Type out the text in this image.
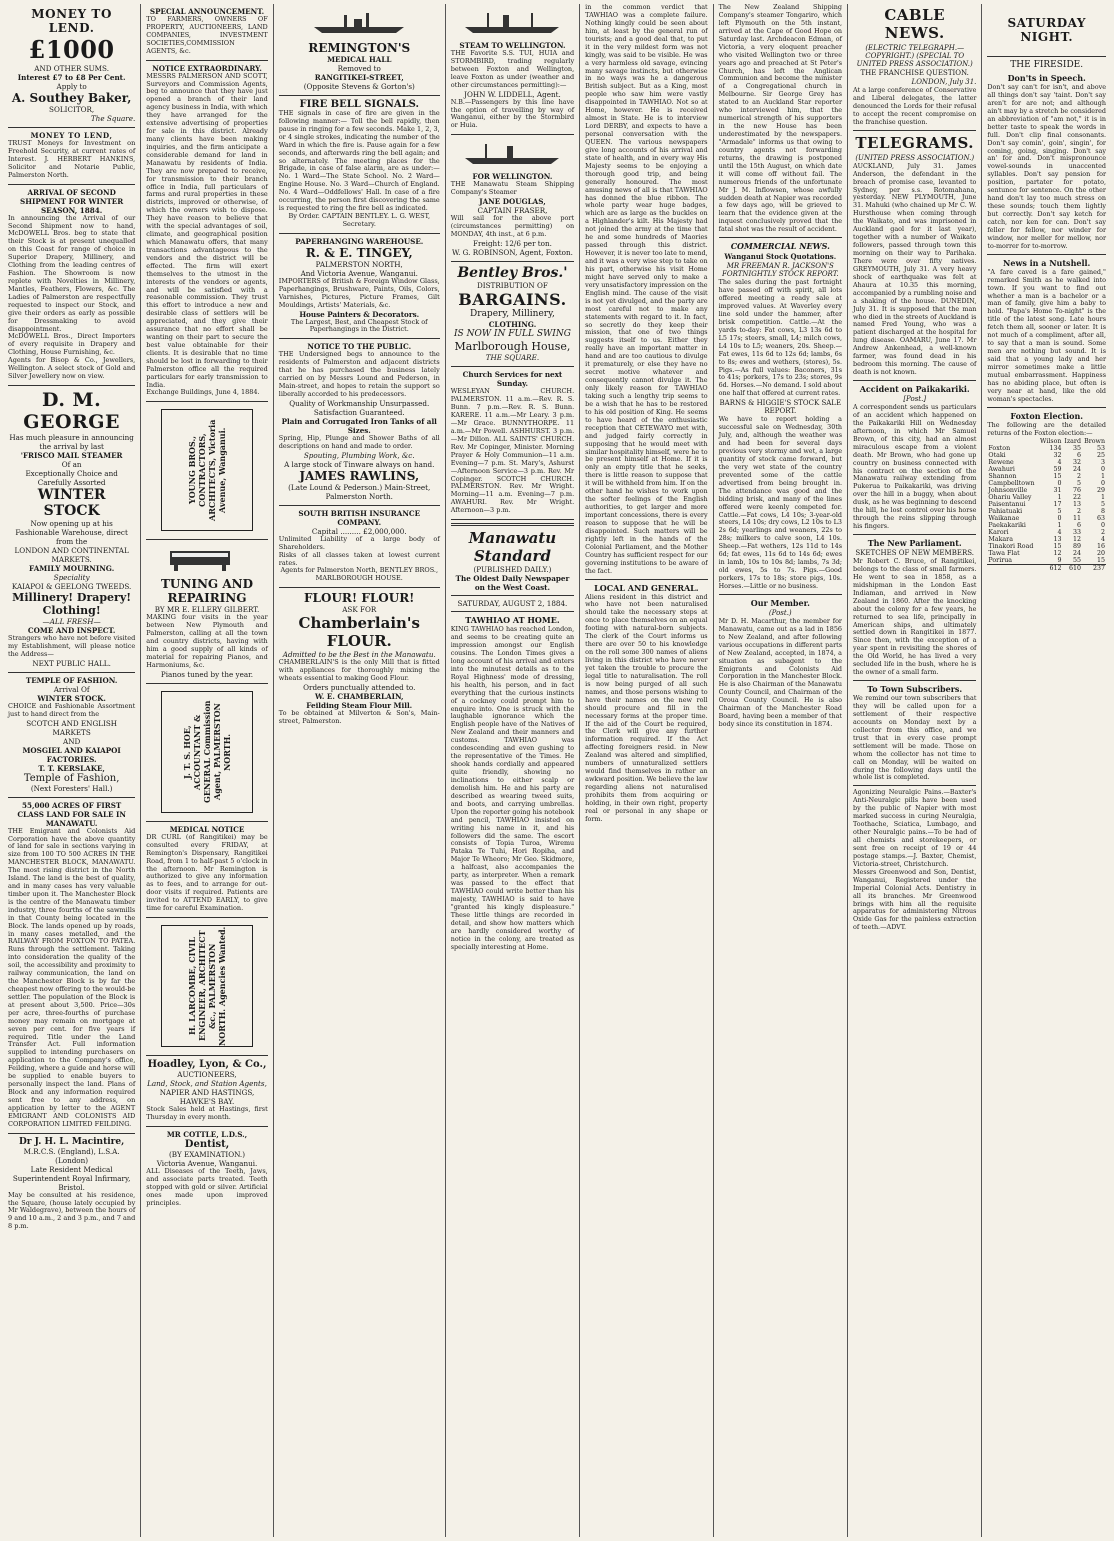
MONEY TO LEND.

£1000

AND OTHER SUMS.

Interest £7 to £8 Per Cent.

Apply to

A. Southey Baker,

SOLICITOR,

The Square.

MONEY TO LEND,

TRUST Moneys for Investment on Freehold Security, at current rates of Interest. J. HERBERT HANKINS, Solicitor and Notarie Public, Palmerston North.

ARRIVAL OF SECOND SHIPMENT FOR WINTER SEASON, 1884.

In announcing the Arrival of our Second Shipment now to hand, McDOWELL Bros. beg to state that their Stock is at present unequalled on this Coast for range of choice in Superior Drapery, Millinery, and Clothing from the leading centres of Fashion. The Showroom is now replete with Novelties in Millinery, Mantles, Feathers, Flowers, &c. The Ladies of Palmerston are respectfully requested to inspect our Stock, and give their orders as early as possible for Dressmaking to avoid disappointment.

McDOWELL Bros., Direct Importers of every requisite in Drapery and Clothing, House Furnishing, &c.

Agents for Bisop & Co., Jewellers, Wellington. A select stock of Gold and Silver Jewellery now on view.

D. M. GEORGE

Has much pleasure in announcing the arrival by last

'FRISCO MAIL STEAMER

Of an

Exceptionally Choice and Carefully Assorted

WINTER STOCK

Now opening up at his Fashionable Warehouse, direct from the

LONDON AND CONTINENTAL MARKETS.

FAMILY MOURNING.

Speciality

KAIAPOI & GEELONG TWEEDS.

Millinery! Drapery! Clothing!

—ALL FRESH—

COME AND INSPECT.

Strangers who have not before visited my Establishment, will please notice the Address—

NEXT PUBLIC HALL.

TEMPLE OF FASHION.

Arrival Of

WINTER STOCK.

CHOICE and Fashionable Assortment just to hand direct from the

SCOTCH AND ENGLISH MARKETS

AND

MOSGIEL AND KAIAPOI FACTORIES.

T. T. KERSLAKE,

Temple of Fashion,

(Next Foresters' Hall.)

55,000 ACRES OF FIRST CLASS LAND FOR SALE IN MANAWATU.

THE Emigrant and Colonists Aid Corporation have the above quantity of land for sale in sections varying in size from 100 TO 500 ACRES IN THE MANCHESTER BLOCK, MANAWATU. The most rising district in the North Island. The land is the best of quality, and in many cases has very valuable timber upon it. The Manchester Block is the centre of the Manawatu timber industry, three fourths of the sawmills in that County being located in the Block. The lands opened up by roads, in many cases metalled, and the RAILWAY FROM FOXTON TO PATEA. Runs through the settlement. Taking into consideration the quality of the soil, the accessibility and proximity to railway communication, the land on the Manchester Block is by far the cheapest now offering to the would-be settler. The population of the Block is at present about 3,500. Price—30s per acre, three-fourths of purchase money may remain on mortgage at seven per cent. for five years if required. Title under the Land Transfer Act. Full information supplied to intending purchasers on application to the Company's office, Feilding, where a guide and horse will be supplied to enable buyers to personally inspect the land. Plans of Block and any information required sent free to any address, on application by letter to the AGENT EMIGRANT AND COLONISTS AID CORPORATION LIMITED FEILDING.

Dr J. H. L. Macintire,

M.R.C.S. (England), L.S.A. (London)

Late Resident Medical Superintendent Royal Infirmary, Bristol.

May be consulted at his residence, the Square, (house lately occupied by Mr Waldegrave), between the hours of 9 and 10 a.m., 2 and 3 p.m., and 7 and 8 p.m.

SPECIAL ANNOUNCEMENT.

TO FARMERS, OWNERS OF PROPERTY, AUCTIONEERS, LAND COMPANIES, INVESTMENT SOCIETIES,COMMISSION AGENTS, &c.

NOTICE EXTRAORDINARY.

MESSRS PALMERSON AND SCOTT, Surveyors and Commission Agents, beg to announce that they have just opened a branch of their land agency business in India, with which they have arranged for the extensive advertising of properties for sale in this district. Already many clients have been making inquiries, and the firm anticipate a considerable demand for land in Manawatu by residents of India. They are now prepared to receive, for transmission to their branch office in India, full particulars of farms and rural properties in these districts, improved or otherwise, of which the owners wish to dispose. They have reason to believe that with the special advantages of soil, climate, and geographical position which Manawatu offers, that many transactions advantageous to the vendors and the district will be effected. The firm will exert themselves to the utmost in the interests of the vendors or agents, and will be satisfied with a reasonable commission. They trust this effort to introduce a new and desirable class of settlers will be appreciated, and they give their assurance that no effort shall be wanting on their part to secure the best value obtainable for their clients. It is desirable that no time should be lost in forwarding to their Palmerston office all the required particulars for early transmission to India.

Exchange Buildings, June 4, 1884.

YOUNG BROS., CONTRACTORS, ARCHITECTS, Victoria Avenue, Wanganui.

TUNING AND REPAIRING

BY MR E. ELLERY GILBERT.

MAKING four visits in the year between New Plymouth and Palmerston, calling at all the town and country districts, having with him a good supply of all kinds of material for repairing Pianos, and Harmoniums, &c.

Pianos tuned by the year.

J. T. S. HOE, ACCOUNTANT & GENERAL Commission Agent, PALMERSTON NORTH.

MEDICAL NOTICE

DR CURL (of Rangitikei) may be consulted every FRIDAY, at Remington's Dispensary, Rangitikei Road, from 1 to half-past 5 o'clock in the afternoon. Mr Remington is authorized to give any information as to fees, and to arrange for out-door visits if required. Patients are invited to ATTEND EARLY, to give time for careful Examination.

H. LARCOMBE, CIVIL ENGINEER, ARCHITECT &c., PALMERSTON NORTH. Agencies Wanted.

Hoadley, Lyon, & Co.,

AUCTIONEERS,

Land, Stock, and Station Agents,

NAPIER AND HASTINGS, HAWKE'S BAY.

Stock Sales held at Hastings, first Thursday in every month.

MR COTTLE, L.D.S.,

Dentist,

(BY EXAMINATION.)

Victoria Avenue, Wanganui.

ALL Diseases of the Teeth, Jaws, and associate parts treated. Teeth stopped with gold or silver. Artificial ones made upon improved principles.

REMINGTON'S

MEDICAL HALL

Removed to

RANGITIKEI-STREET,

(Opposite Stevens & Gorton's)

FIRE BELL SIGNALS.

THE signals in case of fire are given in the following manner:— Toll the bell rapidly, then pause in ringing for a few seconds. Make 1, 2, 3, or 4 single strokes, indicating the number of the Ward in which the fire is. Pause again for a few seconds, and afterwards ring the bell again; and so alternately. The meeting places for the Brigade, in case of false alarm, are as under:— No. 1 Ward—The State School. No. 2 Ward—Engine House. No. 3 Ward—Church of England. No. 4 Ward—Oddfellows' Hall. In case of a fire occurring, the person first discovering the same is requested to ring the fire bell as indicated.

By Order. CAPTAIN BENTLEY. L. G. WEST, Secretary.

PAPERHANGING WAREHOUSE.

R. & E. TINGEY,

PALMERSTON NORTH,

And Victoria Avenue, Wanganui.

IMPORTERS of British & Foreign Window Glass, Paperhangings, Brushware, Paints, Oils, Colors, Varnishes, Pictures, Picture Frames, Gilt Mouldings, Artists' Materials, &c.

House Painters & Decorators.

The Largest, Best, and Cheapest Stock of Paperhangings in the District.

NOTICE TO THE PUBLIC.

THE Undersigned begs to announce to the residents of Palmerston and adjacent districts that he has purchased the business lately carried on by Messrs Lound and Pederson, in Main-street, and hopes to retain the support so liberally accorded to his predecessors.

Quality of Workmanship Unsurpassed.

Satisfaction Guaranteed.

Plain and Corrugated Iron Tanks of all Sizes.

Spring, Hip, Plunge and Shower Baths of all descriptions on hand and made to order.

Spouting, Plumbing Work, &c.

A large stock of Tinware always on hand.

JAMES RAWLINS,

(Late Lound & Pederson.) Main-Street, Palmerston North.

SOUTH BRITISH INSURANCE COMPANY.

Capital ......... £2,000,000.

Unlimited Liability of a large body of Shareholders.

Risks of all classes taken at lowest current rates.

Agents for Palmerston North, BENTLEY BROS., MARLBOROUGH HOUSE.

FLOUR! FLOUR!

ASK FOR

Chamberlain's FLOUR.

Admitted to be the Best in the Manawatu.

CHAMBERLAIN'S is the only Mill that is fitted with appliances for thoroughly mixing the wheats essential to making Good Flour.

Orders punctually attended to.

W. E. CHAMBERLAIN,

Feilding Steam Flour Mill.

To be obtained at Milverton & Son's, Main-street, Palmerston.

STEAM TO WELLINGTON.

THE Favorite S.S. TUI, HUIA and STORMBIRD, trading regularly between Foxton and Wellington, leave Foxton as under (weather and other circumstances permitting):—

JOHN W. LIDDELL, Agent.

N.B.—Passengers by this line have the option of travelling by way of Wanganui, either by the Stormbird or Huia.

FOR WELLINGTON.

THE Manawatu Steam Shipping Company's Steamer

JANE DOUGLAS,

CAPTAIN FRASER,

Will sail for the above port (circumstances permitting) on MONDAY, 4th inst., at 6 p.m.

Freight: 12/6 per ton.

W. G. ROBINSON, Agent, Foxton.

Bentley Bros.'

DISTRIBUTION OF

BARGAINS.

Drapery, Millinery,

CLOTHING.

IS NOW IN FULL SWING

Marlborough House,

THE SQUARE.

Church Services for next Sunday.

WESLEYAN CHURCH. PALMERSTON. 11 a.m.—Rev. R. S. Bunn. 7 p.m.—Rev. R. S. Bunn. KARERE. 11 a.m.—Mr Leary. 3 p.m.—Mr Grace. BUNNYTHORPE. 11 a.m.—Mr Powell. ASHHURST. 3 p.m.—Mr Dillon. ALL SAINTS' CHURCH. Rev. Mr Copinger, Minister. Morning Prayer & Holy Communion—11 a.m. Evening—7 p.m. St. Mary's, Ashurst—Afternoon Service—3 p.m. Rev. Mr Copinger. SCOTCH CHURCH. PALMERSTON. Rev. Mr Wright. Morning—11 a.m. Evening—7 p.m. AWAHURI. Rev. Mr Wright. Afternoon—3 p.m.

Manawatu Standard

(PUBLISHED DAILY.)

The Oldest Daily Newspaper on the West Coast.

SATURDAY, AUGUST 2, 1884.

TAWHIAO AT HOME.

KING TAWHIAO has reached London, and seems to be creating quite an impression amongst our English cousins. The London Times gives a long account of his arrival and enters into the minutest details as to the Royal Highness' mode of dressing, his health, his person, and in fact everything that the curious instincts of a cockney could prompt him to enquire into. One is struck with the laughable ignorance which the English people have of the Natives of New Zealand and their manners and customs. TAWHIAO was condescending and even gushing to the representative of the Times. He shook hands cordially and appeared quite friendly, showing no inclinations to either scalp or demolish him. He and his party are described as wearing tweed suits, and boots, and carrying umbrellas. Upon the reporter going his notebook and pencil, TAWHIAO insisted on writing his name in it, and his followers did the same. The escort consists of Topia Turoa, Wiremu Pataka Te Tuhi, Hori Ropiha, and Major Te Wheoro; Mr Geo. Skidmore, a halfcast, also accompanies the party, as interpreter. When a remark was passed to the effect that TAWHIAO could write better than his majesty, TAWHIAO is said to have "granted his kingly displeasure." These little things are recorded in detail, and show how matters which are hardly considered worthy of notice in the colony, are treated as specially interesting at Home.

in the common verdict that TAWHIAO was a complete failure. Nothing kingly could be seen about him, at least by the general run of tourists; and a good deal that, to put it in the very mildest form was not kingly, was said to be visible. He was a very harmless old savage, evincing many savage instincts, but otherwise in no ways was he a dangerous British subject. But as a King, most people who saw him were vastly disappointed in TAWHIAO. Not so at Home, however. He is received almost in State. He is to interview Lord DERBY, and expects to have a personal conversation with the QUEEN. The various newspapers give long accounts of his arrival and state of health, and in every way His Majesty seems to be enjoying a thorough good trip, and being generally honoured. The most amusing news of all is that TAWHIAO has donned the blue ribbon. The whole party wear huge badges, which are as large as the buckles on a Highlander's kilt. His Majesty had not joined the army at the time that he and some hundreds of Maories passed through this district. However, it is never too late to mend, and it was a very wise step to take on his part, otherwise his visit Home might have served only to make a very unsatisfactory impression on the English mind. The cause of the visit is not yet divulged, and the party are most careful not to make any statements with regard to it. In fact, so secretly do they keep their mission, that one of two things suggests itself to us. Either they really have an important matter in hand and are too cautious to divulge it prematurely, or else they have no secret motive whatever and consequently cannot divulge it. The only likely reason for TAWHIAO taking such a lengthy trip seems to be a wish that he has to be restored to his old position of King. He seems to have heard of the enthusiastic reception that CETEWAYO met with, and judged fairly correctly in supposing that he would meet with similar hospitality himself, were he to be present himself at Home. If it is only an empty title that he seeks, there is little reason to suppose that it will be withheld from him. If on the other hand he wishes to work upon the softer feelings of the English authorities, to get larger and more important concessions, there is every reason to suppose that he will be disappointed. Such matters will be rightly left in the hands of the Colonial Parliament, and the Mother Country has sufficient respect for our governing institutions to be aware of the fact.

LOCAL AND GENERAL.

Aliens resident in this district and who have not been naturalised should take the necessary steps at once to place themselves on an equal footing with natural-born subjects. The clerk of the Court informs us there are over 50 to his knowledge on the roll some 300 names of aliens living in this district who have never yet taken the trouble to procure the legal title to naturalisation. The roll is now being purged of all such names, and those persons wishing to have their names on the new roll should procure and fill in the necessary forms at the proper time. If the aid of the Court be required, the Clerk will give any further information required. If the Act affecting foreigners resid. in New Zealand was altered and simplified, numbers of unnaturalized settlers would find themselves in rather an awkward position. We believe the law regarding aliens not naturalised prohibits them from acquiring or holding, in their own right, property real or personal in any shape or form.

The New Zealand Shipping Company's steamer Tongariro, which left Plymouth on the 5th instant, arrived at the Cape of Good Hope on Saturday last. Archdeacon Edman, of Victoria, a very eloquent preacher who visited Wellington two or three years ago and preached at St Peter's Church, has left the Anglican Communion and become the minister of a Congregational church in Melbourne. Sir George Grey has stated to an Auckland Star reporter who interviewed him, that the numerical strength of his supporters in the new House has been underestimated by the newspapers. "Armadale" informs us that owing to country agents not forwarding returns, the drawing is postponed until the 15th August, on which date it will come off without fail. The numerous friends of the unfortunate Mr J. M. Inflowsen, whose awfully sudden death at Napier was recorded a few days ago, will be grieved to learn that the evidence given at the inquest conclusively proved that the fatal shot was the result of accident.

COMMERCIAL NEWS.

Wanganui Stock Quotations.

MR FREEMAN R. JACKSON'S FORTNIGHTLY STOCK REPORT.

The sales during the past fortnight have passed off with spirit, all lots offered meeting a ready sale at improved values. At Waverley every line sold under the hammer, after brisk competition. Cattle.—At the yards to-day: Fat cows, L3 13s 6d to L5 17s; steers, small, L4; milch cows, L4 10s to L5; weaners, 20s. Sheep.—Fat ewes, 11s 6d to 12s 6d; lambs, 6s to 8s; ewes and wethers, (stores), 5s. Pigs.—As full values: Baconers, 31s to 41s; porkers, 17s to 23s; stores, 9s 6d. Horses.—No demand. I sold about one half that offered at current rates.

BARNS & HIGGIE'S STOCK SALE REPORT.

We have to report holding a successful sale on Wednesday, 30th July, and, although the weather was and had been for several days previous very stormy and wet, a large quantity of stock came forward, but the very wet state of the country prevented some of the cattle advertised from being brought in. The attendance was good and the bidding brisk, and many of the lines offered were keenly competed for. Cattle.—Fat cows, L4 10s; 3-year-old steers, L4 10s; dry cows, L2 10s to L3 2s 6d; yearlings and weaners, 22s to 28s; milkers to calve soon, L4 10s. Sheep.—Fat wethers, 12s 11d to 14s 6d; fat ewes, 11s 6d to 14s 6d; ewes in lamb, 10s to 10s 8d; lambs, 7s 3d; old ewes, 5s to 7s. Pigs.—Good porkers, 17s to 18s; store pigs, 10s. Horses.—Little or no business.

Our Member.

(Post.)

Mr D. H. Macarthur, the member for Manawatu, came out as a lad in 1856 to New Zealand, and after following various occupations in different parts of New Zealand, accepted, in 1874, a situation as subagent to the Emigrants and Colonists Aid Corporation in the Manchester Block. He is also Chairman of the Manawatu County Council, and Chairman of the Oroua County Council. He is also Chairman of the Manchester Road Board, having been a member of that body since its constitution in 1874.

CABLE NEWS.

(ELECTRIC TELEGRAPH.—COPYRIGHT.) (SPECIAL TO UNITED PRESS ASSOCIATION.)

THE FRANCHISE QUESTION.

LONDON, July 31.

At a large conference of Conservative and Liberal delegates, the latter denounced the Lords for their refusal to accept the recent compromise on the franchise question.

TELEGRAMS.

(UNITED PRESS ASSOCIATION.)

AUCKLAND, July 31. James Anderson, the defendant in the breach of promise case, levanted to Sydney, per s.s. Rotomahana, yesterday. NEW PLYMOUTH, June 31. Mahuki (who chained up Mr C. W. Hursthouse when coming through the Waikato, and was imprisoned in Auckland gaol for it last year), together with a number of Waikato followers, passed through town this morning on their way to Parihaka. There were over fifty natives. GREYMOUTH, July 31. A very heavy shock of earthquake was felt at Ahaura at 10.35 this morning, accompanied by a rumbling noise and a shaking of the house. DUNEDIN, July 31. It is supposed that the man who died in the streets of Auckland is named Fred Young, who was a patient discharged at the hospital for lung disease. OAMARU, June 17. Mr Andrew Ankenhead, a well-known farmer, was found dead in his bedroom this morning. The cause of death is not known.

Accident on Paikakariki.

[Post.]

A correspondent sends us particulars of an accident which happened on the Paikakariki Hill on Wednesday afternoon, in which Mr Samuel Brown, of this city, had an almost miraculous escape from a violent death. Mr Brown, who had gone up country on business connected with his contract on the section of the Manawatu railway extending from Pukerua to Paikakariki, was driving over the hill in a buggy, when about dusk, as he was beginning to descend the hill, he lost control over his horse through the reins slipping through his fingers.

The New Parliament.

SKETCHES OF NEW MEMBERS.

Mr Robert C. Bruce, of Rangitikei, belongs to the class of small farmers. He went to sea in 1858, as a midshipman in the London East Indiaman, and arrived in New Zealand in 1860. After the knocking about the colony for a few years, he returned to sea life, principally in American ships, and ultimately settled down in Rangitikei in 1877. Since then, with the exception of a year spent in revisiting the shores of the Old World, he has lived a very secluded life in the bush, where he is the owner of a small farm.

To Town Subscribers.

We remind our town subscribers that they will be called upon for a settlement of their respective accounts on Monday next by a collector from this office, and we trust that in every case prompt settlement will be made. Those on whom the collector has not time to call on Monday, will be waited on during the following days until the whole list is completed.

Agonizing Neuralgic Pains.—Baxter's Anti-Neuralgic pills have been used by the public of Napier with most marked success in curing Neuralgia, Toothache, Sciatica, Lumbago, and other Neuralgic pains.—To be had of all chemists and storekeepers, or sent free on receipt of 19 or 44 postage stamps.—J. Baxter, Chemist, Victoria-street, Christchurch.

Messrs Greenwood and Son, Dentist, Wanganui, Registered under the Imperial Colonial Acts. Dentistry in all its branches. Mr Greenwood brings with him all the requisite apparatus for administering Nitrous Oxide Gas for the painless extraction of teeth.—ADVT.

SATURDAY NIGHT.

THE FIRESIDE.

Don'ts in Speech.

Don't say can't for isn't, and above all things don't say 'taint. Don't say aren't for are not; and although ain't may by a stretch be considered an abbreviation of "am not," it is in better taste to speak the words in full. Don't clip final consonants. Don't say comin', goin', singin', for coming, going, singing. Don't say an' for and. Don't mispronounce vowel-sounds in unaccented syllables. Don't say pension for position, partater for potato, sentunce for sentence. On the other hand don't lay too much stress on these sounds; touch them lightly but correctly. Don't say ketch for catch, nor ken for can. Don't say feller for fellow, nor winder for window, nor meller for mellow, nor to-morrer for to-morrow.

News in a Nutshell.

"A fare caved is a fare gained," remarked Smith as he walked into town. If you want to find out whether a man is a bachelor or a man of family, give him a baby to hold. "Papa's Home To-night" is the title of the latest song. Late hours fetch them all, sooner or later. It is not much of a compliment, after all, to say that a man is sound. Some men are nothing but sound. It is said that a young lady and her mirror sometimes make a little mutual embarrassment. Happiness has no abiding place, but often is very near at hand, like the old woman's spectacles.

Foxton Election.

The following are the detailed returns of the Foxton election:—

	Wilson	Izard	Brown
Foxton	134	35	53
Otaki	32	6	25
Rewene	4	32	3
Awahuri	59	24	0
Shannon	15	2	1
Campbelltown	0	5	0
Johnsonville	31	76	29
Ohariu Valley	1	22	1
Paisentanui	17	13	5
Pahiatuaki	5	2	8
Waikanae	0	11	63
Paekakariki	1	6	0
Karori	4	33	2
Makara	13	12	4
Tinakori Road	15	89	16
Tawa Flat	12	24	20
Porirua	9	55	15
	612	610	237
